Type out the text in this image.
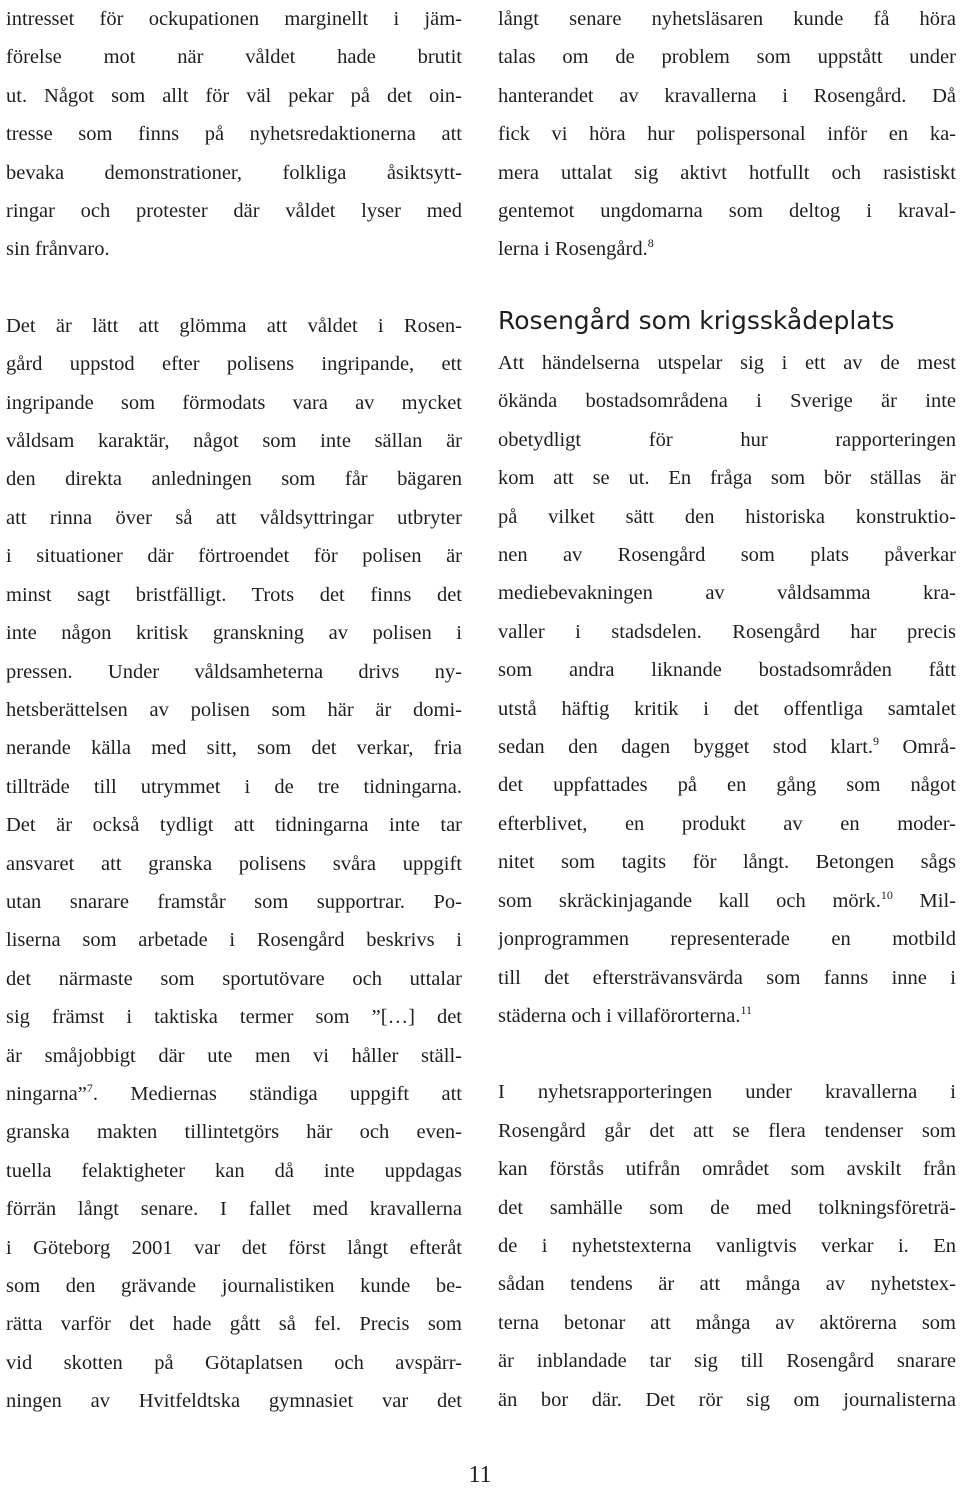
intresset för ockupationen marginellt i jäm-
förelse mot när våldet hade brutit
ut. Något som allt för väl pekar på det oin-
tresse som finns på nyhetsredaktionerna att
bevaka demonstrationer, folkliga åsiktsytt-
ringar och protester där våldet lyser med
sin frånvaro.

Det är lätt att glömma att våldet i Rosen-
gård uppstod efter polisens ingripande, ett
ingripande som förmodats vara av mycket
våldsam karaktär, något som inte sällan är
den direkta anledningen som får bägaren
att rinna över så att våldsyttringar utbryter
i situationer där förtroendet för polisen är
minst sagt bristfälligt. Trots det finns det
inte någon kritisk granskning av polisen i
pressen. Under våldsamheterna drivs ny-
hetsberättelsen av polisen som här är domi-
nerande källa med sitt, som det verkar, fria
tillträde till utrymmet i de tre tidningarna.
Det är också tydligt att tidningarna inte tar
ansvaret att granska polisens svåra uppgift
utan snarare framstår som supportrar. Po-
liserna som arbetade i Rosengård beskrivs i
det närmaste som sportutövare och uttalar
sig främst i taktiska termer som ”[…] det
är småjobbigt där ute men vi håller ställ-
ningarna”$^7$. Mediernas ständiga uppgift att
granska makten tillintetgörs här och even-
tuella felaktigheter kan då inte uppdagas
förrän långt senare. I fallet med kravallerna
i Göteborg 2001 var det först långt efteråt
som den grävande journalistiken kunde be-
rätta varför det hade gått så fel. Precis som
vid skotten på Götaplatsen och avspärr-
ningen av Hvitfeldtska gymnasiet var det

långt senare nyhetsläsaren kunde få höra
talas om de problem som uppstått under
hanterandet av kravallerna i Rosengård. Då
fick vi höra hur polispersonal inför en ka-
mera uttalat sig aktivt hotfullt och rasistiskt
gentemot ungdomarna som deltog i kraval-
lerna i Rosengård.$^8$

Rosengård som krigsskådeplats

Att händelserna utspelar sig i ett av de mest
ökända bostadsområdena i Sverige är inte
obetydligt för hur rapporteringen
kom att se ut. En fråga som bör ställas är
på vilket sätt den historiska konstruktio-
nen av Rosengård som plats påverkar
mediebevakningen av våldsamma kra-
valler i stadsdelen. Rosengård har precis
som andra liknande bostadsområden fått
utstå häftig kritik i det offentliga samtalet
sedan den dagen bygget stod klart.$^9$ Områ-
det uppfattades på en gång som något
efterblivet, en produkt av en moder-
nitet som tagits för långt. Betongen sågs
som skräckinjagande kall och mörk.$^{10}$ Mil-
jonprogrammen representerade en motbild
till det eftersträvansvärda som fanns inne i
städerna och i villaförorterna.$^{11}$

I nyhetsrapporteringen under kravallerna i
Rosengård går det att se flera tendenser som
kan förstås utifrån området som avskilt från
det samhälle som de med tolkningsföreträ-
de i nyhetstexterna vanligtvis verkar i. En
sådan tendens är att många av nyhetstex-
terna betonar att många av aktörerna som
är inblandade tar sig till Rosengård snarare
än bor där. Det rör sig om journalisterna

11
